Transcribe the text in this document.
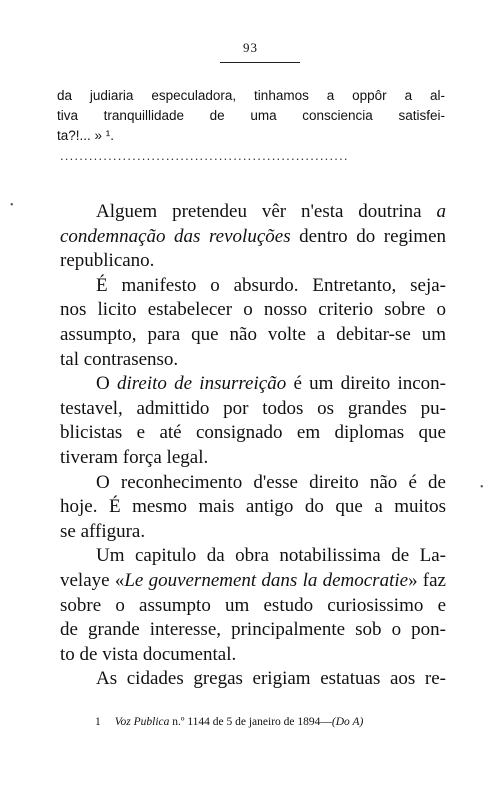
93
da judiaria especuladora, tinhamos a oppôr a al-
tiva tranquillidade de uma consciencia satisfei-
ta?!... » ¹.
............................................................
Alguem pretendeu vêr n'esta doutrina a
condemnação das revoluções dentro do regimen
republicano.
É manifesto o absurdo. Entretanto, seja-
nos licito estabelecer o nosso criterio sobre o
assumpto, para que não volte a debitar-se um
tal contrasenso.
O direito de insurreição é um direito incon-
testavel, admittido por todos os grandes pu-
blicistas e até consignado em diplomas que
tiveram força legal.
O reconhecimento d'esse direito não é de
hoje. É mesmo mais antigo do que a muitos
se affigura.
Um capitulo da obra notabilissima de La-
velaye «Le gouvernement dans la democratie» faz
sobre o assumpto um estudo curiosissimo e
de grande interesse, principalmente sob o pon-
to de vista documental.
As cidades gregas erigiam estatuas aos re-
1 Voz Publica n.º 1144 de 5 de janeiro de 1894—(Do A)
•
•
